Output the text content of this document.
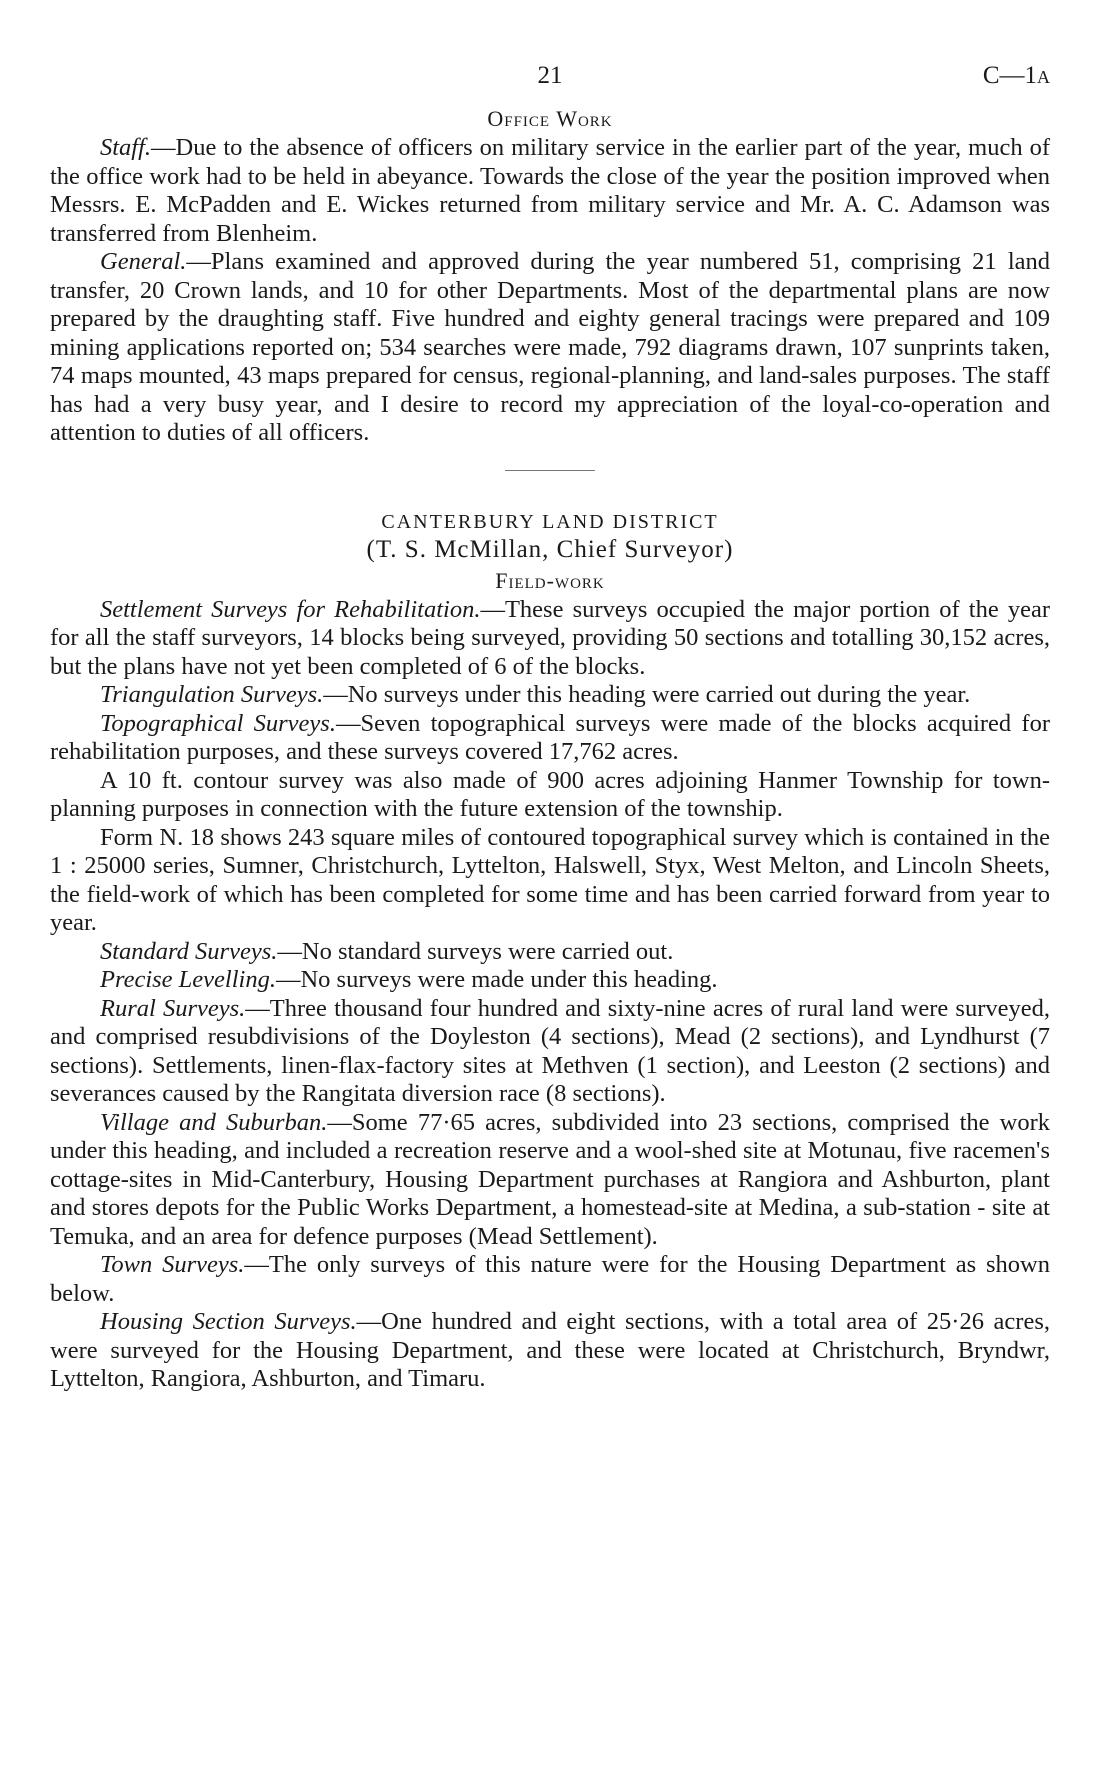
21	C—1A
Office Work

Staff.—Due to the absence of officers on military service in the earlier part of the year, much of the office work had to be held in abeyance. Towards the close of the year the position improved when Messrs. E. McPadden and E. Wickes returned from military service and Mr. A. C. Adamson was transferred from Blenheim.

General.—Plans examined and approved during the year numbered 51, comprising 21 land transfer, 20 Crown lands, and 10 for other Departments. Most of the departmental plans are now prepared by the draughting staff. Five hundred and eighty general tracings were prepared and 109 mining applications reported on; 534 searches were made, 792 diagrams drawn, 107 sunprints taken, 74 maps mounted, 43 maps prepared for census, regional-planning, and land-sales purposes. The staff has had a very busy year, and I desire to record my appreciation of the loyal-co-operation and attention to duties of all officers.

CANTERBURY LAND DISTRICT
(T. S. McMillan, Chief Surveyor)
Field-work

Settlement Surveys for Rehabilitation.—These surveys occupied the major portion of the year for all the staff surveyors, 14 blocks being surveyed, providing 50 sections and totalling 30,152 acres, but the plans have not yet been completed of 6 of the blocks.

Triangulation Surveys.—No surveys under this heading were carried out during the year.

Topographical Surveys.—Seven topographical surveys were made of the blocks acquired for rehabilitation purposes, and these surveys covered 17,762 acres.

A 10 ft. contour survey was also made of 900 acres adjoining Hanmer Township for town-planning purposes in connection with the future extension of the township.

Form N. 18 shows 243 square miles of contoured topographical survey which is contained in the 1 : 25000 series, Sumner, Christchurch, Lyttelton, Halswell, Styx, West Melton, and Lincoln Sheets, the field-work of which has been completed for some time and has been carried forward from year to year.

Standard Surveys.—No standard surveys were carried out.

Precise Levelling.—No surveys were made under this heading.

Rural Surveys.—Three thousand four hundred and sixty-nine acres of rural land were surveyed, and comprised resubdivisions of the Doyleston (4 sections), Mead (2 sections), and Lyndhurst (7 sections). Settlements, linen-flax-factory sites at Methven (1 section), and Leeston (2 sections) and severances caused by the Rangitata diversion race (8 sections).

Village and Suburban.—Some 77·65 acres, subdivided into 23 sections, comprised the work under this heading, and included a recreation reserve and a wool-shed site at Motunau, five racemen's cottage-sites in Mid-Canterbury, Housing Department purchases at Rangiora and Ashburton, plant and stores depots for the Public Works Department, a homestead-site at Medina, a sub-station - site at Temuka, and an area for defence purposes (Mead Settlement).

Town Surveys.—The only surveys of this nature were for the Housing Department as shown below.

Housing Section Surveys.—One hundred and eight sections, with a total area of 25·26 acres, were surveyed for the Housing Department, and these were located at Christchurch, Bryndwr, Lyttelton, Rangiora, Ashburton, and Timaru.
